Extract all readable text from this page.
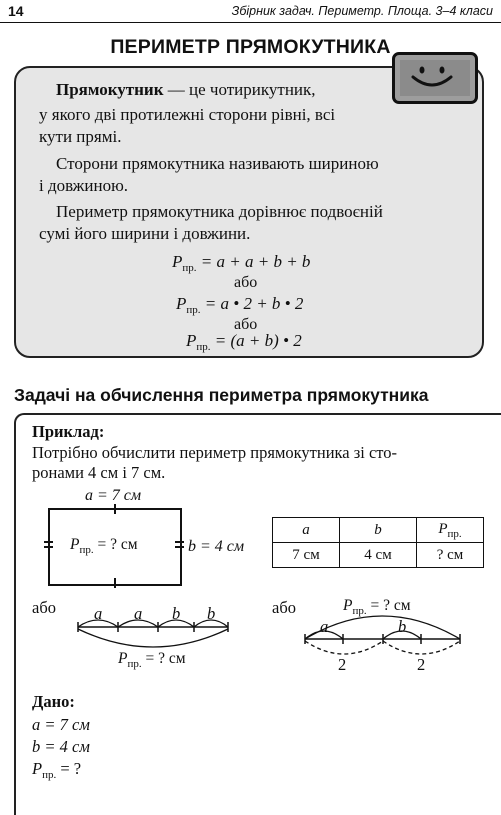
14	Збірник задач. Периметр. Площа. 3–4 класи
ПЕРИМЕТР ПРЯМОКУТНИКА
Прямокутник — це чотирикутник,
у якого дві протилежні сторони рівні, всі
кути прямі.
Сторони прямокутника називають шириною
і довжиною.
Периметр прямокутника дорівнює подвоєній
сумі його ширини і довжини.
$P_{пр.} = a + a + b + b$
або
$P_{пр.} = a$ • 2 + b • 2
або
$P_{пр.} = (a + b)$ • 2
Задачі на обчислення периметра прямокутника
Приклад:
Потрібно обчислити периметр прямокутника зі сто-
ронами 4 см і 7 см.
a = 7 см
$P_{пр.}$ = ? см	b = 4 см
a	b	$P_{пр.}$
7 см	4 см	? см
або a a b b
$P_{пр.}$ = ? см
або	$P_{пр.}$ = ? см
a	b
2	2
Дано:
a = 7 см
b = 4 см
$P_{пр.}$ = ?
